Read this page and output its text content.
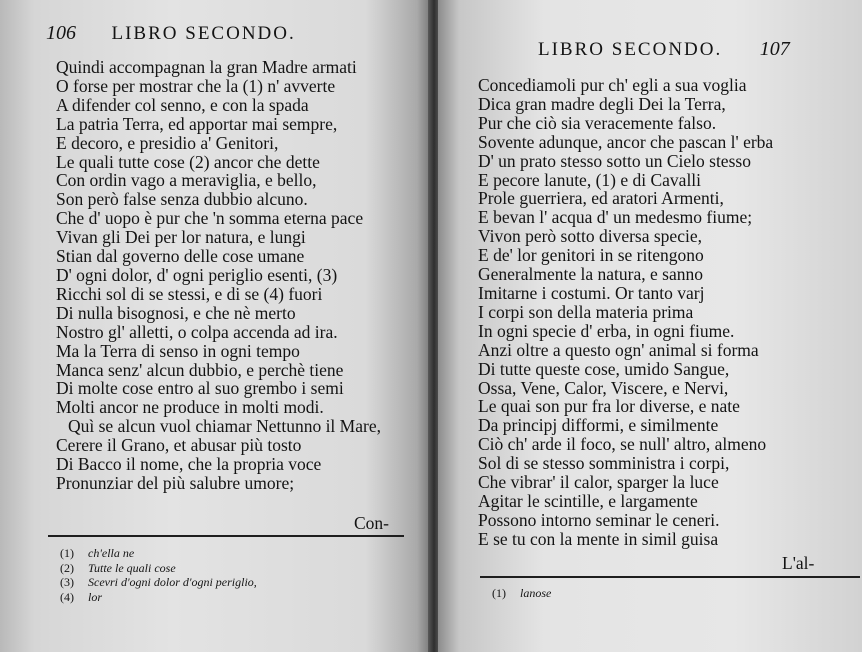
106 LIBRO SECONDO.
Quindi accompagnan la gran Madre armati
O forse per mostrar che la (1) n' avverte
A difender col senno, e con la spada
La patria Terra, ed apportar mai sempre,
E decoro, e presidio a' Genitori,
Le quali tutte cose (2) ancor che dette
Con ordin vago a meraviglia, e bello,
Son però false senza dubbio alcuno.
Che d' uopo è pur che 'n somma eterna pace
Vivan gli Dei per lor natura, e lungi
Stian dal governo delle cose umane
D' ogni dolor, d' ogni periglio esenti, (3)
Ricchi sol di se stessi, e di se (4) fuori
Di nulla bisognosi, e che nè merto
Nostro gl' alletti, o colpa accenda ad ira.
Ma la Terra di senso in ogni tempo
Manca senz' alcun dubbio, e perchè tiene
Di molte cose entro al suo grembo i semi
Molti ancor ne produce in molti modi.
Quì se alcun vuol chiamar Nettunno il Mare,
Cerere il Grano, et abusar più tosto
Di Bacco il nome, che la propria voce
Pronunziar del più salubre umore;
Con-
(1) ch'ella ne
(2) Tutte le quali cose
(3) Scevri d'ogni dolor d'ogni periglio,
(4) lor
LIBRO SECONDO. 107
Concediamoli pur ch' egli a sua voglia
Dica gran madre degli Dei la Terra,
Pur che ciò sia veracemente falso.
Sovente adunque, ancor che pascan l' erba
D' un prato stesso sotto un Cielo stesso
E pecore lanute, (1) e di Cavalli
Prole guerriera, ed aratori Armenti,
E bevan l' acqua d' un medesmo fiume;
Vivon però sotto diversa specie,
E de' lor genitori in se ritengono
Generalmente la natura, e sanno
Imitarne i costumi. Or tanto varj
I corpi son della materia prima
In ogni specie d' erba, in ogni fiume.
Anzi oltre a questo ogn' animal si forma
Di tutte queste cose, umido Sangue,
Ossa, Vene, Calor, Viscere, e Nervi,
Le quai son pur fra lor diverse, e nate
Da principj difformi, e similmente
Ciò ch' arde il foco, se null' altro, almeno
Sol di se stesso somministra i corpi,
Che vibrar' il calor, sparger la luce
Agitar le scintille, e largamente
Possono intorno seminar le ceneri.
E se tu con la mente in simil guisa
L'al-
(1) lanose
